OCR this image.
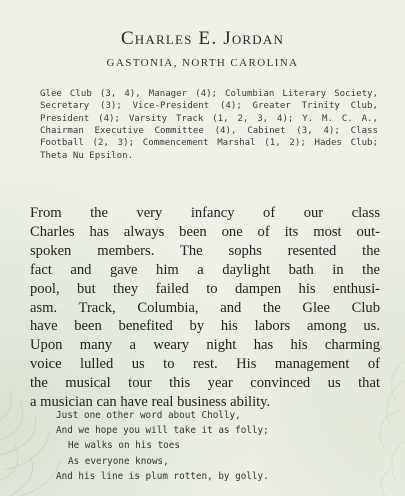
Charles E. Jordan
GASTONIA, NORTH CAROLINA
Glee Club (3, 4), Manager (4); Columbian Literary Society, Secretary (3); Vice-President (4); Greater Trinity Club, President (4); Varsity Track (1, 2, 3, 4); Y. M. C. A., Chairman Executive Committee (4), Cabinet (3, 4); Class Football (2, 3); Commencement Marshal (1, 2); Hades Club; Theta Nu Epsilon.
From the very infancy of our class
Charles has always been one of its most out-
spoken members. The sophs resented the
fact and gave him a daylight bath in the
pool, but they failed to dampen his enthusi-
asm. Track, Columbia, and the Glee Club
have been benefited by his labors among us.
Upon many a weary night has his charming
voice lulled us to rest. His management of
the musical tour this year convinced us that
a musician can have real business ability.
Just one other word about Cholly,
And we hope you will take it as folly;
He walks on his toes
As everyone knows,
And his line is plum rotten, by golly.
